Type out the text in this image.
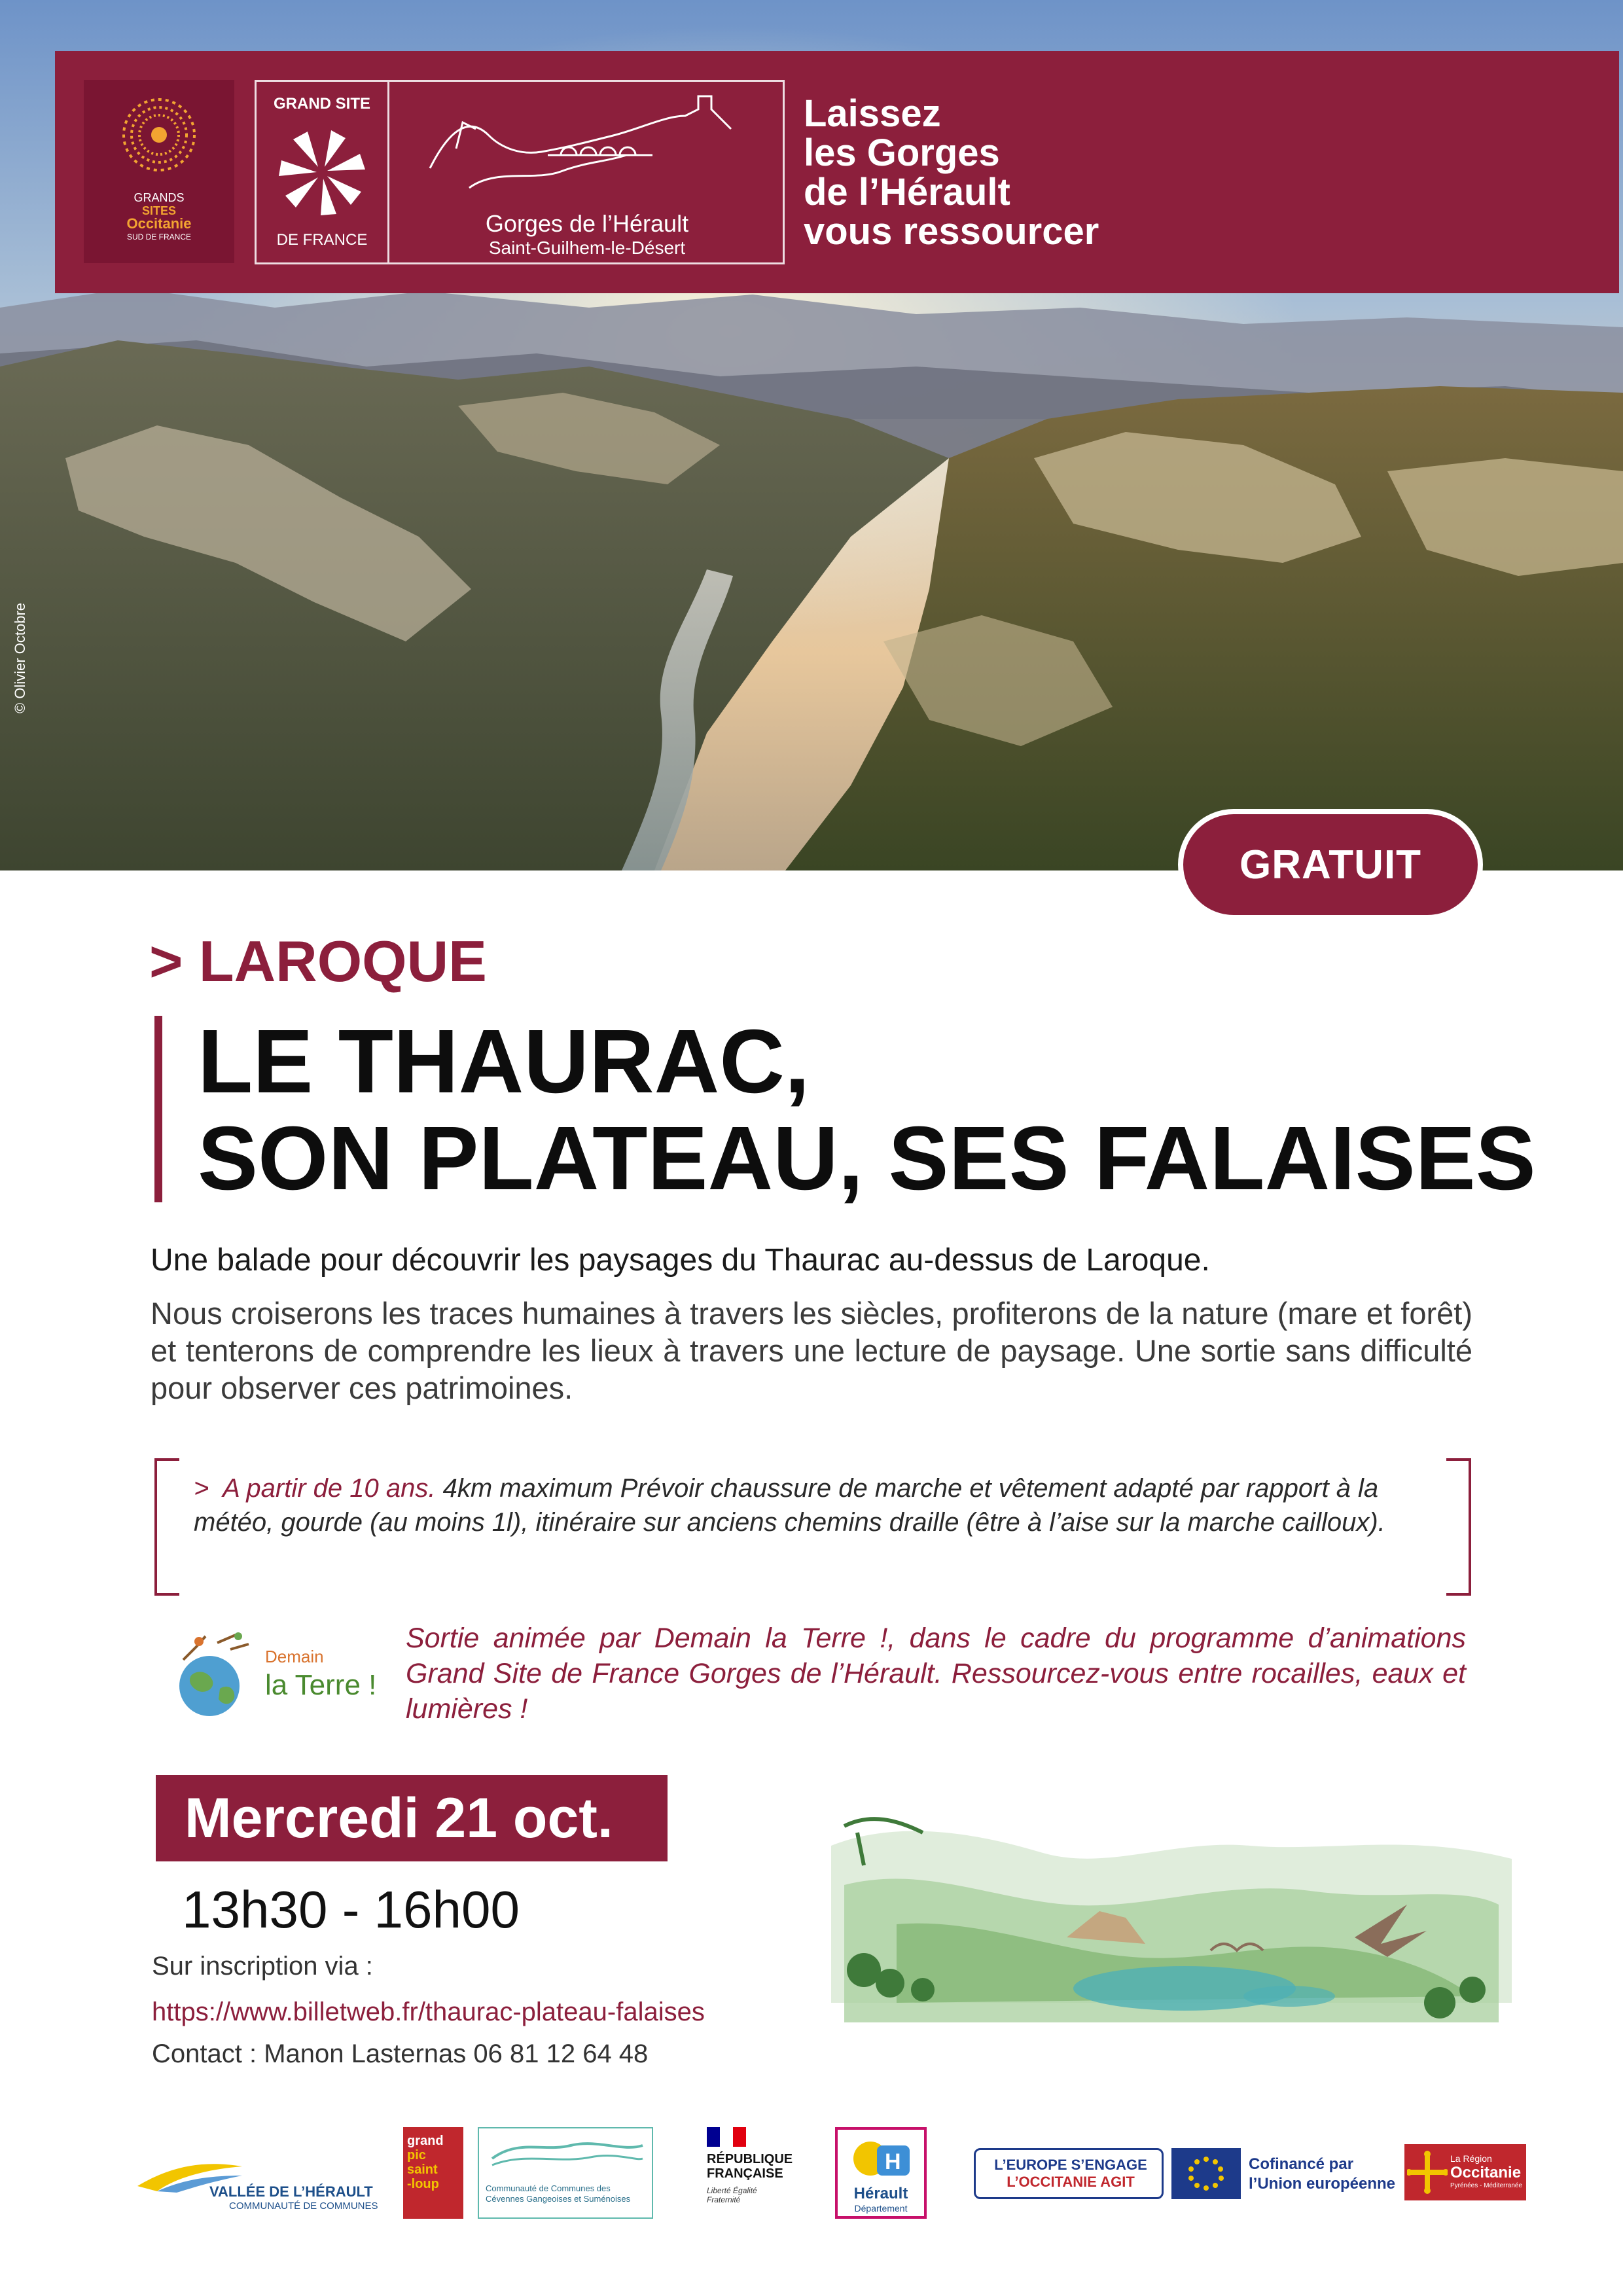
© Olivier Octobre
GRANDS
SITES
Occitanie
SUD DE FRANCE
GRAND SITE
DE FRANCE
Gorges de l’Hérault
Saint-Guilhem-le-Désert
Laissez
les Gorges
de l’Hérault
vous ressourcer
GRATUIT
> LAROQUE
LE THAURAC,
SON PLATEAU, SES FALAISES
Une balade pour découvrir les paysages du Thaurac au-dessus de Laroque.
Nous croiserons les traces humaines à travers les siècles, profiterons de la nature (mare et forêt) et tenterons de comprendre les lieux à travers une lecture de paysage. Une sortie sans difficulté pour observer ces patrimoines.
> A partir de 10 ans. 4km maximum Prévoir chaussure de marche et vêtement adapté par rapport à la météo, gourde (au moins 1l), itinéraire sur anciens chemins draille (être à l’aise sur la marche cailloux).
Demain
la Terre !
Sortie animée par Demain la Terre !, dans le cadre du programme d’animations Grand Site de France Gorges de l’Hérault. Ressourcez-vous entre rocailles, eaux et lumières !
Mercredi 21 oct.
13h30 - 16h00
Sur inscription via :
https://www.billetweb.fr/thaurac-plateau-falaises
Contact : Manon Lasternas 06 81 12 64 48
VALLÉE DE L’HÉRAULT
COMMUNAUTÉ DE COMMUNES
grand
pic
saint
-loup	Communauté de Communes des Cévennes Gangeoises et Suménoises
RÉPUBLIQUE
FRANÇAISE
Liberté Égalité Fraternité
H
Hérault
Département
L’EUROPE S’ENGAGE
L’OCCITANIE AGIT
Cofinancé par
l’Union européenne
La Région
Occitanie
Pyrénées - Méditerranée
